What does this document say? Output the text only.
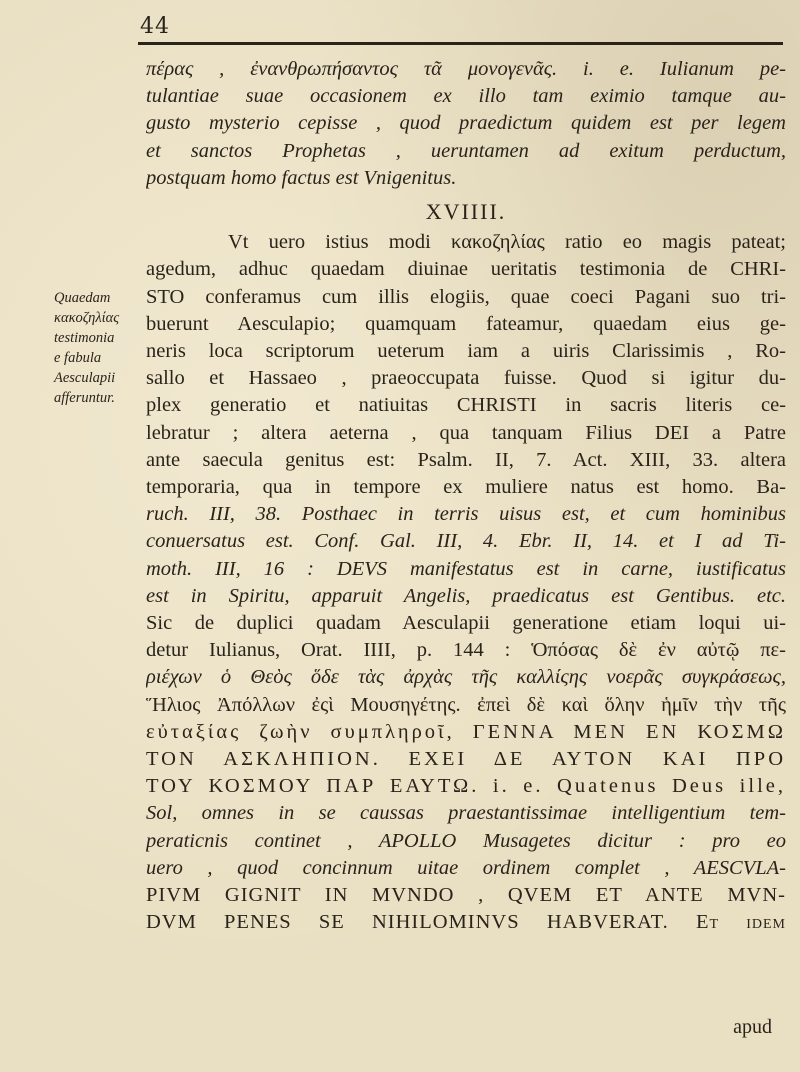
44
Quaedam
κακοζηλίας
testimonia
e fabula
Aesculapii
afferuntur.
πέρας , ἐνανθρωπήσαντος τᾶ μονογενᾶς. i. e. Iulianum pe-
tulantiae suae occasionem ex illo tam eximio tamque au-
gusto mysterio cepisse , quod praedictum quidem est per legem
et sanctos Prophetas , ueruntamen ad exitum perductum,
postquam homo factus est Vnigenitus.
XVIIII.
Vt uero istius modi κακοζηλίας ratio eo magis pateat;
agedum, adhuc quaedam diuinae ueritatis testimonia de CHRI-
STO conferamus cum illis elogiis, quae coeci Pagani suo tri-
buerunt Aesculapio; quamquam fateamur, quaedam eius ge-
neris loca scriptorum ueterum iam a uiris Clarissimis , Ro-
sallo et Hassaeo , praeoccupata fuisse. Quod si igitur du-
plex generatio et natiuitas CHRISTI in sacris literis ce-
lebratur ; altera aeterna , qua tanquam Filius DEI a Patre
ante saecula genitus est: Psalm. II, 7. Act. XIII, 33. altera
temporaria, qua in tempore ex muliere natus est homo. Ba-
ruch. III, 38. Posthaec in terris uisus est, et cum hominibus
conuersatus est. Conf. Gal. III, 4. Ebr. II, 14. et I ad Ti-
moth. III, 16 : DEVS manifestatus est in carne, iustificatus
est in Spiritu, apparuit Angelis, praedicatus est Gentibus. etc.
Sic de duplici quadam Aesculapii generatione etiam loqui ui-
detur Iulianus, Orat. IIII, p. 144 : Ὁπόσας δὲ ἐν αὐτῷ πε-
ριέχων ὁ Θεὸς ὅδε τὰς ἀρχὰς τῆς καλλίςης νοερᾶς συγκράσεως,
Ἥλιος Ἀπόλλων ἐςὶ Μουσηγέτης. ἐπεὶ δὲ καὶ ὅλην ἡμῖν τὴν τῆς
εὐταξίας ζωὴν συμπληροῖ, ΓΕΝΝΑ ΜΕΝ ΕΝ ΚΟΣΜΩ
ΤΟΝ ΑΣΚΛΗΠΙΟΝ. ΕΧΕΙ ΔΕ ΑΥΤΟΝ ΚΑΙ ΠΡΟ
ΤΟΥ ΚΟΣΜΟΥ ΠΑΡ ΕΑΥΤΩ. i. e. Quatenus Deus ille,
Sol, omnes in se caussas praestantissimae intelligentium tem-
peraticnis continet , APOLLO Musagetes dicitur : pro eo
uero , quod concinnum uitae ordinem complet , AESCVLA-
PIVM GIGNIT IN MVNDO , QVEM ET ANTE MVN-
DVM PENES SE NIHILOMINVS HABVERAT. Et idem
apud
